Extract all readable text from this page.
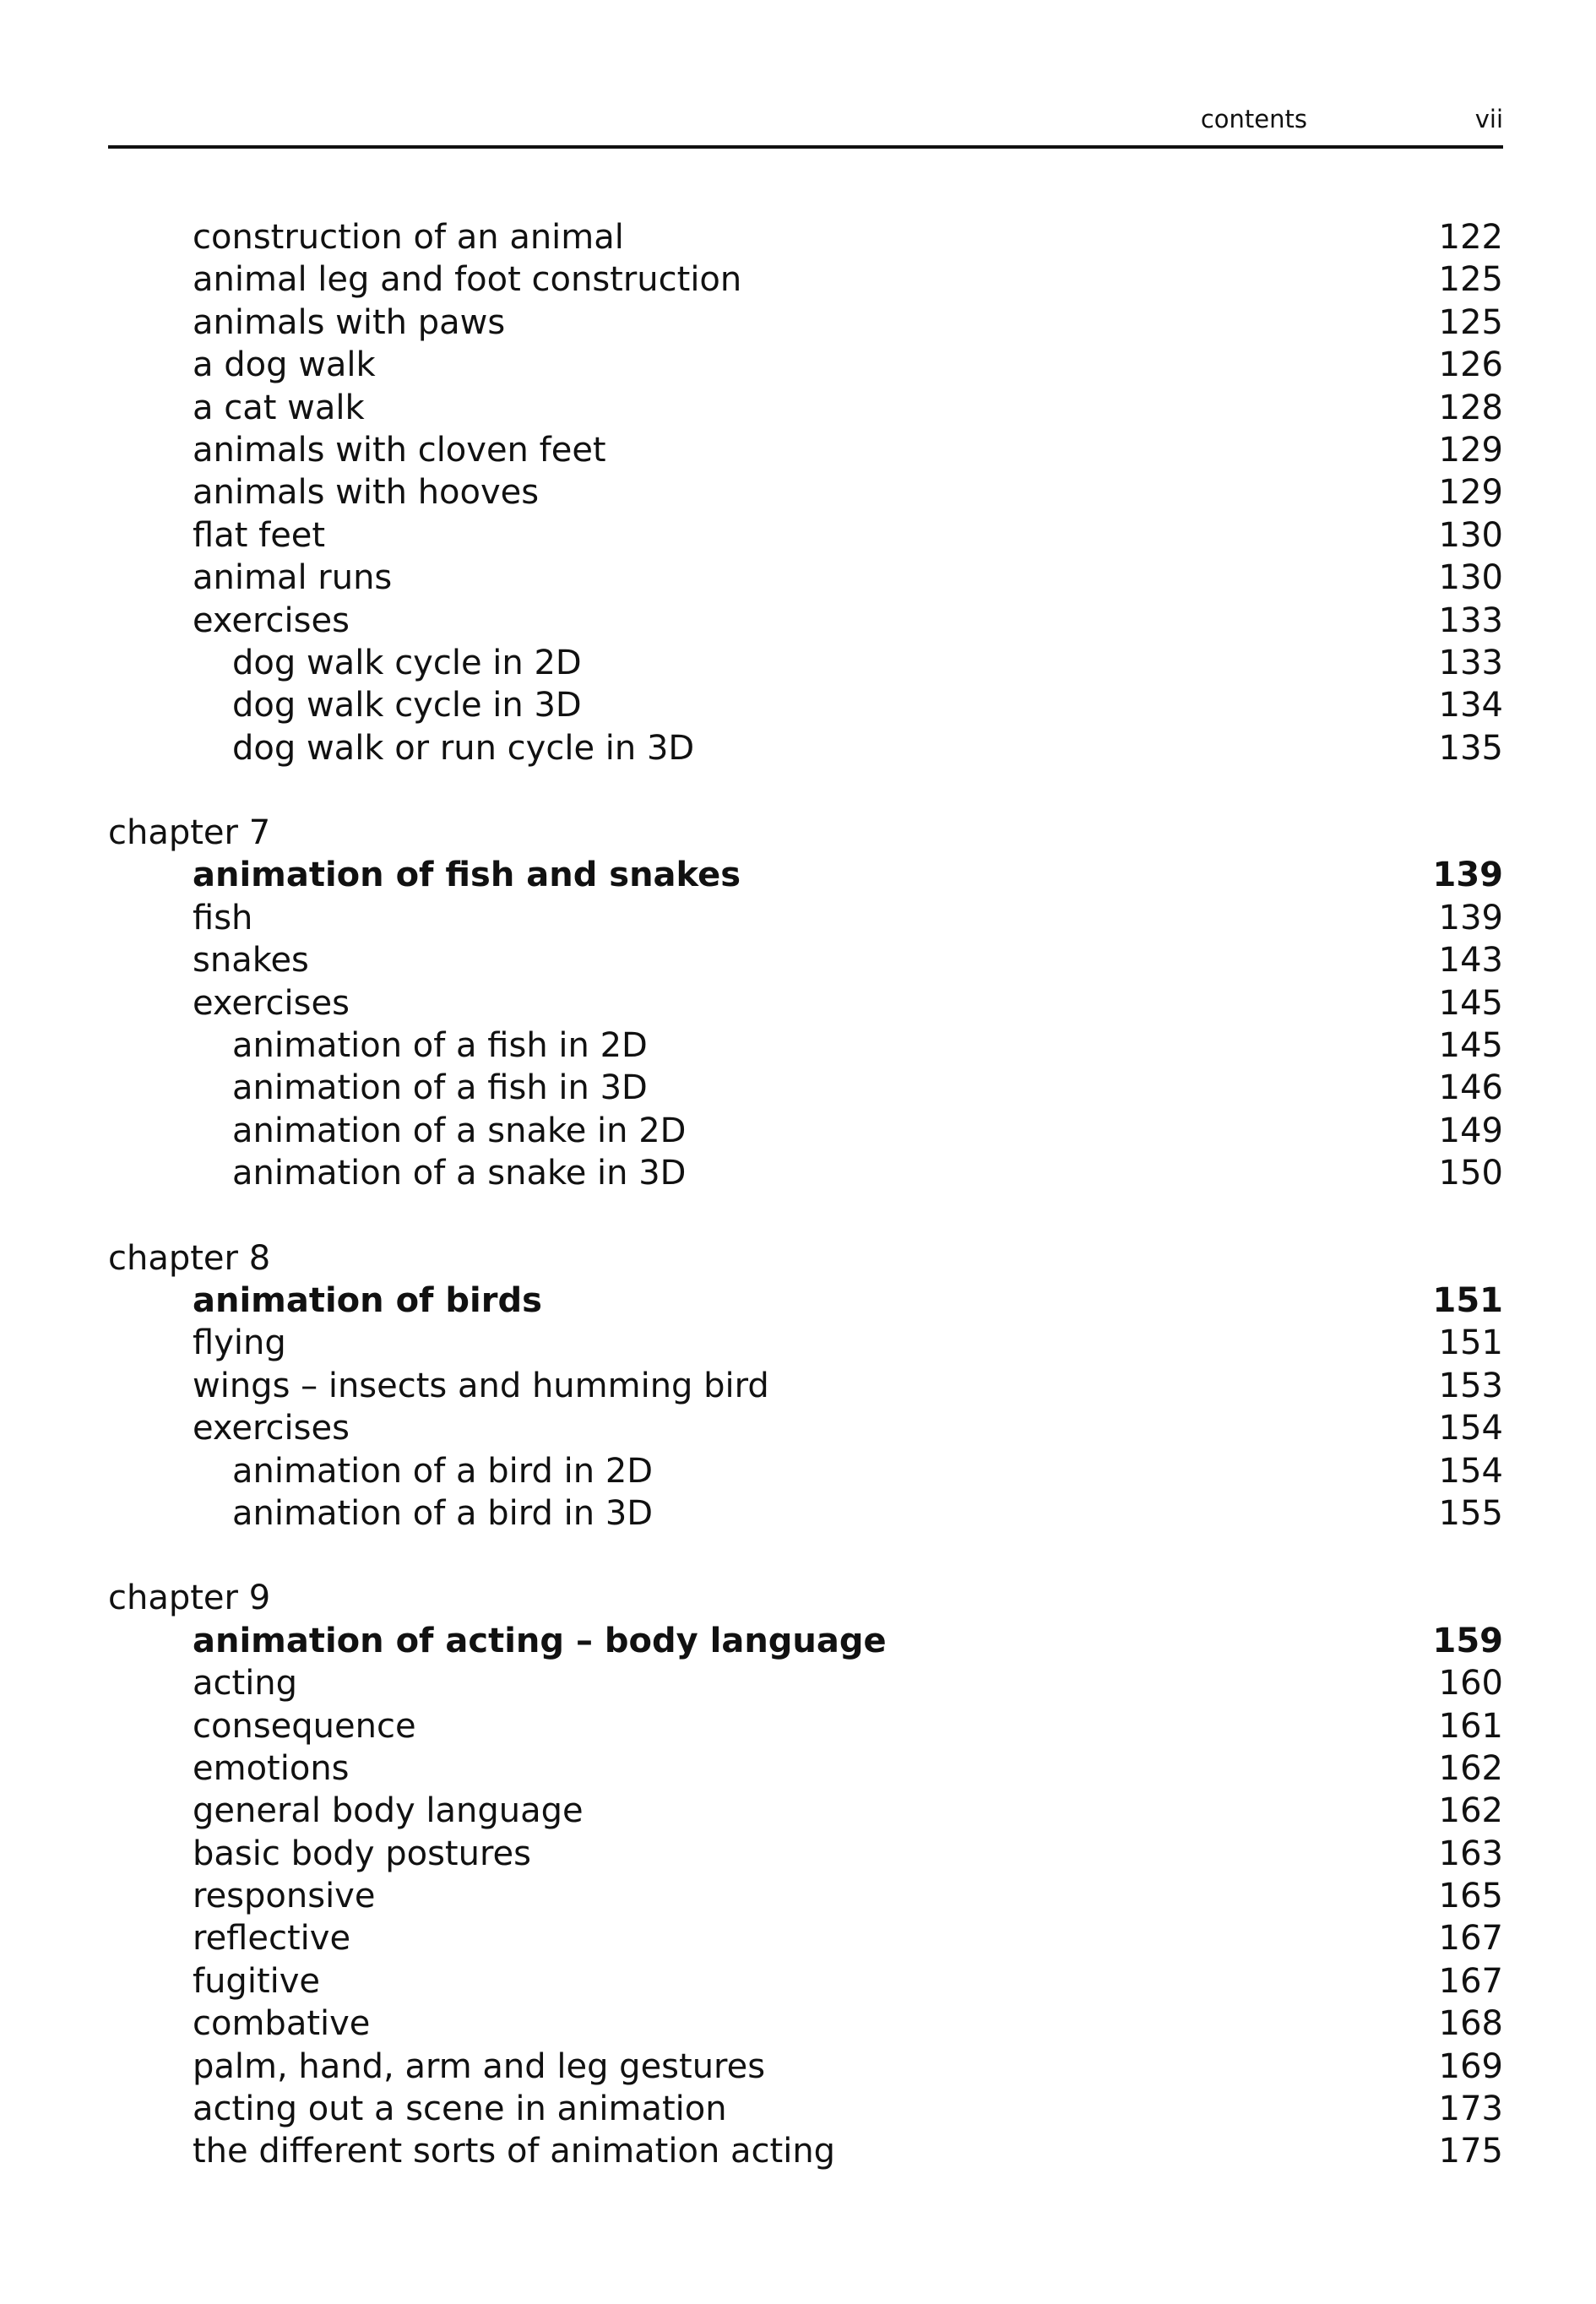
contents	vii
construction of an animal	122
animal leg and foot construction	125
animals with paws	125
a dog walk	126
a cat walk	128
animals with cloven feet	129
animals with hooves	129
flat feet	130
animal runs	130
exercises	133
dog walk cycle in 2D	133
dog walk cycle in 3D	134
dog walk or run cycle in 3D	135
chapter 7
animation of fish and snakes	139
fish	139
snakes	143
exercises	145
animation of a fish in 2D	145
animation of a fish in 3D	146
animation of a snake in 2D	149
animation of a snake in 3D	150
chapter 8
animation of birds	151
flying	151
wings – insects and humming bird	153
exercises	154
animation of a bird in 2D	154
animation of a bird in 3D	155
chapter 9
animation of acting – body language	159
acting	160
consequence	161
emotions	162
general body language	162
basic body postures	163
responsive	165
reflective	167
fugitive	167
combative	168
palm, hand, arm and leg gestures	169
acting out a scene in animation	173
the different sorts of animation acting	175
